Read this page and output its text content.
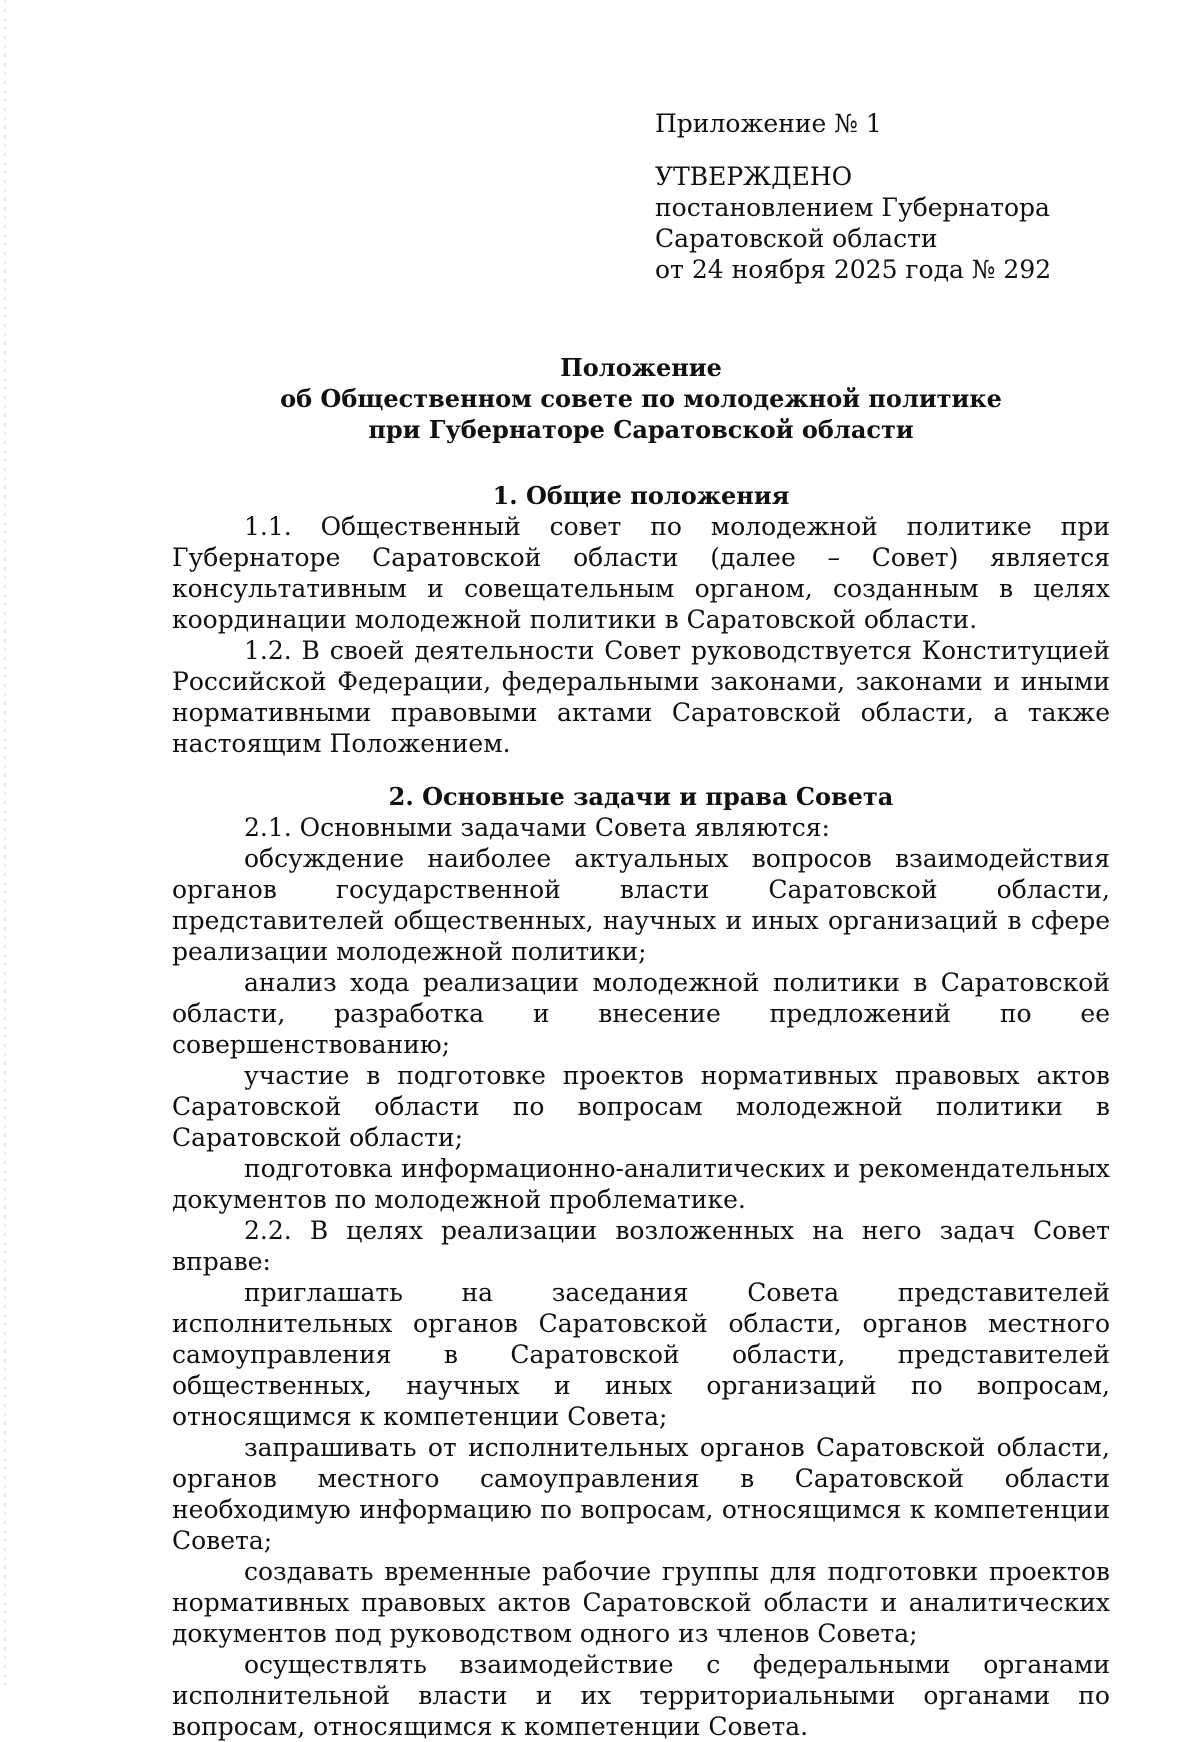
Приложение № 1
УТВЕРЖДЕНО
постановлением Губернатора
Саратовской области
от 24 ноября 2025 года № 292
Положение
об Общественном совете по молодежной политике
при Губернаторе Саратовской области
1. Общие положения

1.1. Общественный совет по молодежной политике при Губернаторе Саратовской области (далее – Совет) является консультативным и совещательным органом, созданным в целях координации молодежной политики в Саратовской области.

1.2. В своей деятельности Совет руководствуется Конституцией Российской Федерации, федеральными законами, законами и иными нормативными правовыми актами Саратовской области, а также настоящим Положением.

2. Основные задачи и права Совета

2.1. Основными задачами Совета являются:

обсуждение наиболее актуальных вопросов взаимодействия органов государственной власти Саратовской области, представителей общественных, научных и иных организаций в сфере реализации молодежной политики;

анализ хода реализации молодежной политики в Саратовской области, разработка и внесение предложений по ее совершенствованию;

участие в подготовке проектов нормативных правовых актов Саратовской области по вопросам молодежной политики в Саратовской области;

подготовка информационно-аналитических и рекомендательных документов по молодежной проблематике.

2.2. В целях реализации возложенных на него задач Совет вправе:

приглашать на заседания Совета представителей исполнительных органов Саратовской области, органов местного самоуправления в Саратовской области, представителей общественных, научных и иных организаций по вопросам, относящимся к компетенции Совета;

запрашивать от исполнительных органов Саратовской области, органов местного самоуправления в Саратовской области необходимую информацию по вопросам, относящимся к компетенции Совета;

создавать временные рабочие группы для подготовки проектов нормативных правовых актов Саратовской области и аналитических документов под руководством одного из членов Совета;

осуществлять взаимодействие с федеральными органами исполнительной власти и их территориальными органами по вопросам, относящимся к компетенции Совета.
